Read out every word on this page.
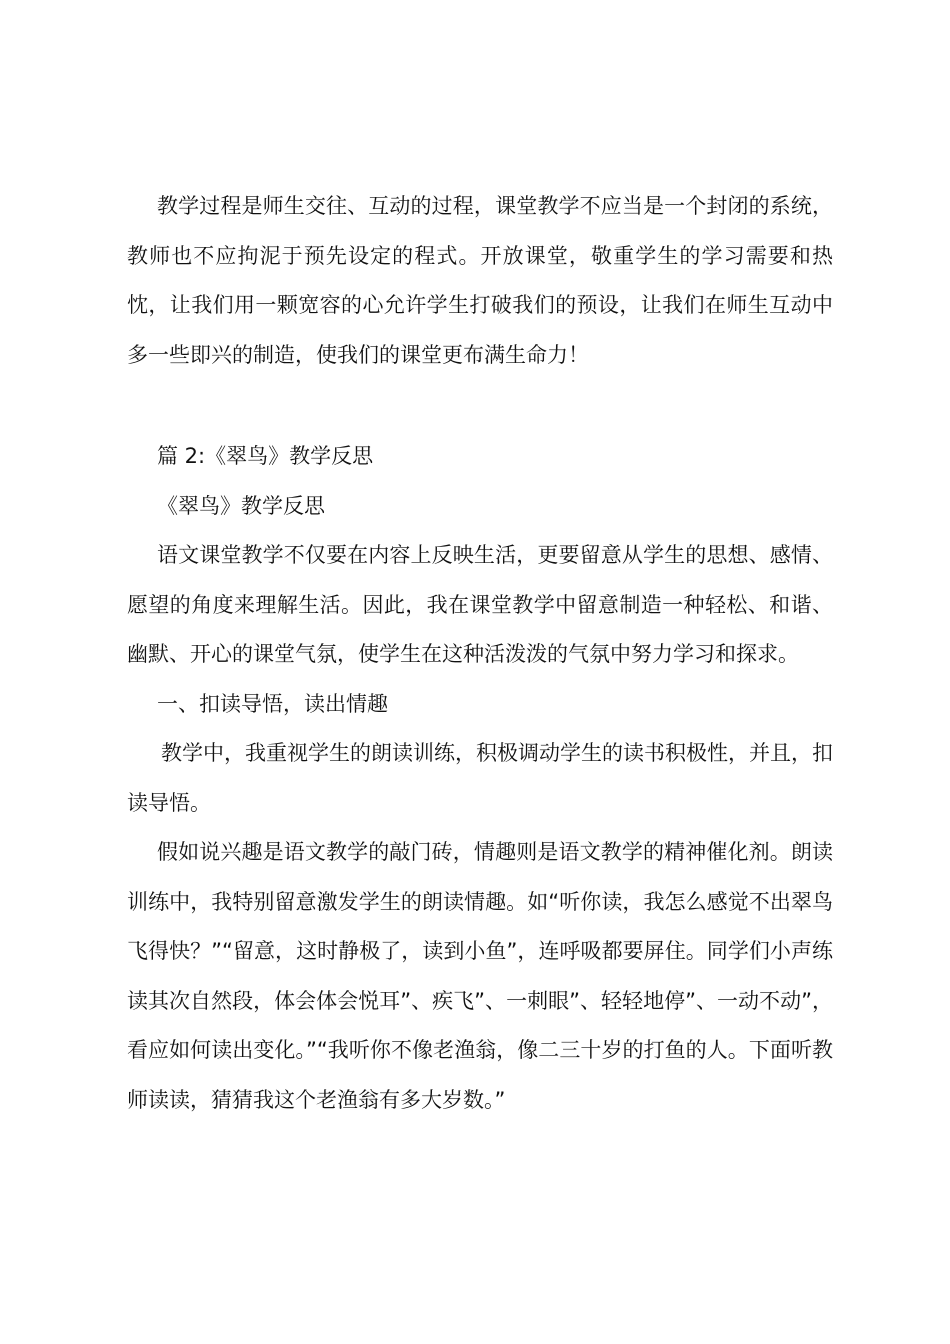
教学过程是师生交往、互动的过程，课堂教学不应当是一个封闭的系统，教师也不应拘泥于预先设定的程式。开放课堂，敬重学生的学习需要和热忱，让我们用一颗宽容的心允许学生打破我们的预设，让我们在师生互动中多一些即兴的制造，使我们的课堂更布满生命力！

篇 2:《翠鸟》教学反思

《翠鸟》教学反思

语文课堂教学不仅要在内容上反映生活，更要留意从学生的思想、感情、愿望的角度来理解生活。因此，我在课堂教学中留意制造一种轻松、和谐、幽默、开心的课堂气氛，使学生在这种活泼泼的气氛中努力学习和探求。

一、扣读导悟，读出情趣

教学中，我重视学生的朗读训练，积极调动学生的读书积极性，并且，扣读导悟。

假如说兴趣是语文教学的敲门砖，情趣则是语文教学的精神催化剂。朗读训练中，我特别留意激发学生的朗读情趣。如“听你读，我怎么感觉不出翠鸟飞得快？”“留意，这时静极了，读到小鱼”，连呼吸都要屏住。同学们小声练读其次自然段，体会体会悦耳”、疾飞”、一刺眼”、轻轻地停”、一动不动”，看应如何读出变化。”“我听你不像老渔翁，像二三十岁的打鱼的人。下面听教师读读，猜猜我这个老渔翁有多大岁数。”
